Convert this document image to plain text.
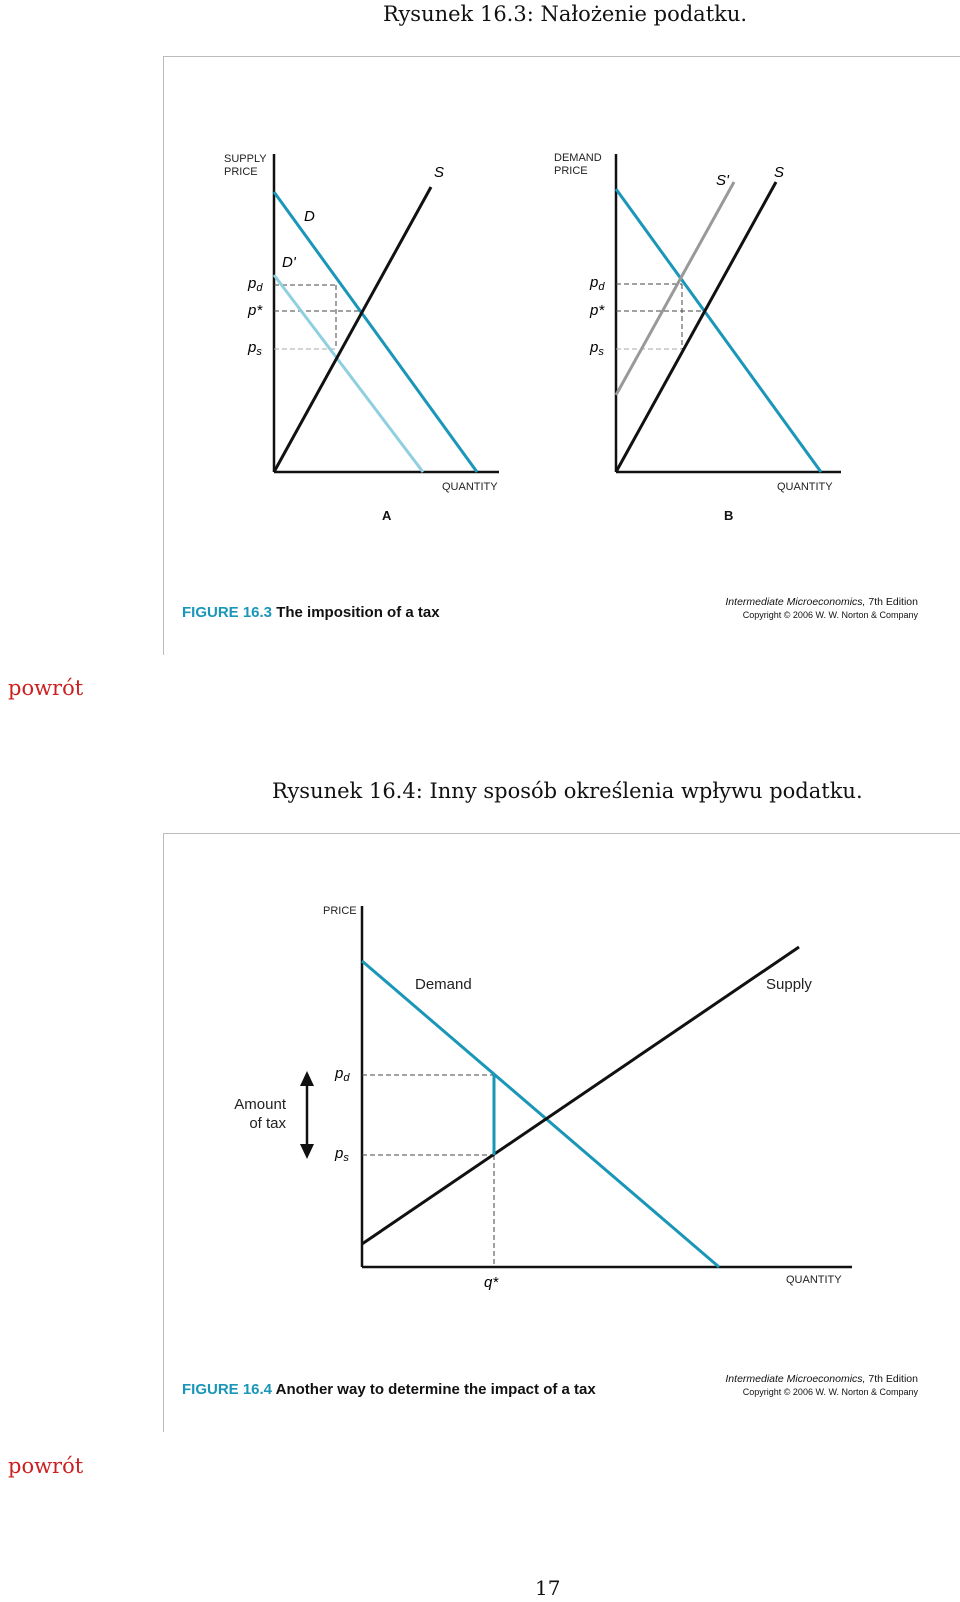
Rysunek 16.3: Nałożenie podatku.
SUPPLY
PRICE
QUANTITY
A
S
D
D'
$p_d$
p*
$p_s$
DEMAND
PRICE
QUANTITY
B
S'	S
$p_d$
p*
$p_s$
FIGURE 16.3 The imposition of a tax
Intermediate Microeconomics, 7th Edition
Copyright © 2006 W. W. Norton & Company
powrót
Rysunek 16.4: Inny sposób określenia wpływu podatku.
PRICE
QUANTITY
Demand	Supply
$p_d$
$p_s$
q*
Amount
of tax
FIGURE 16.4 Another way to determine the impact of a tax
Intermediate Microeconomics, 7th Edition
Copyright © 2006 W. W. Norton & Company
powrót
17
